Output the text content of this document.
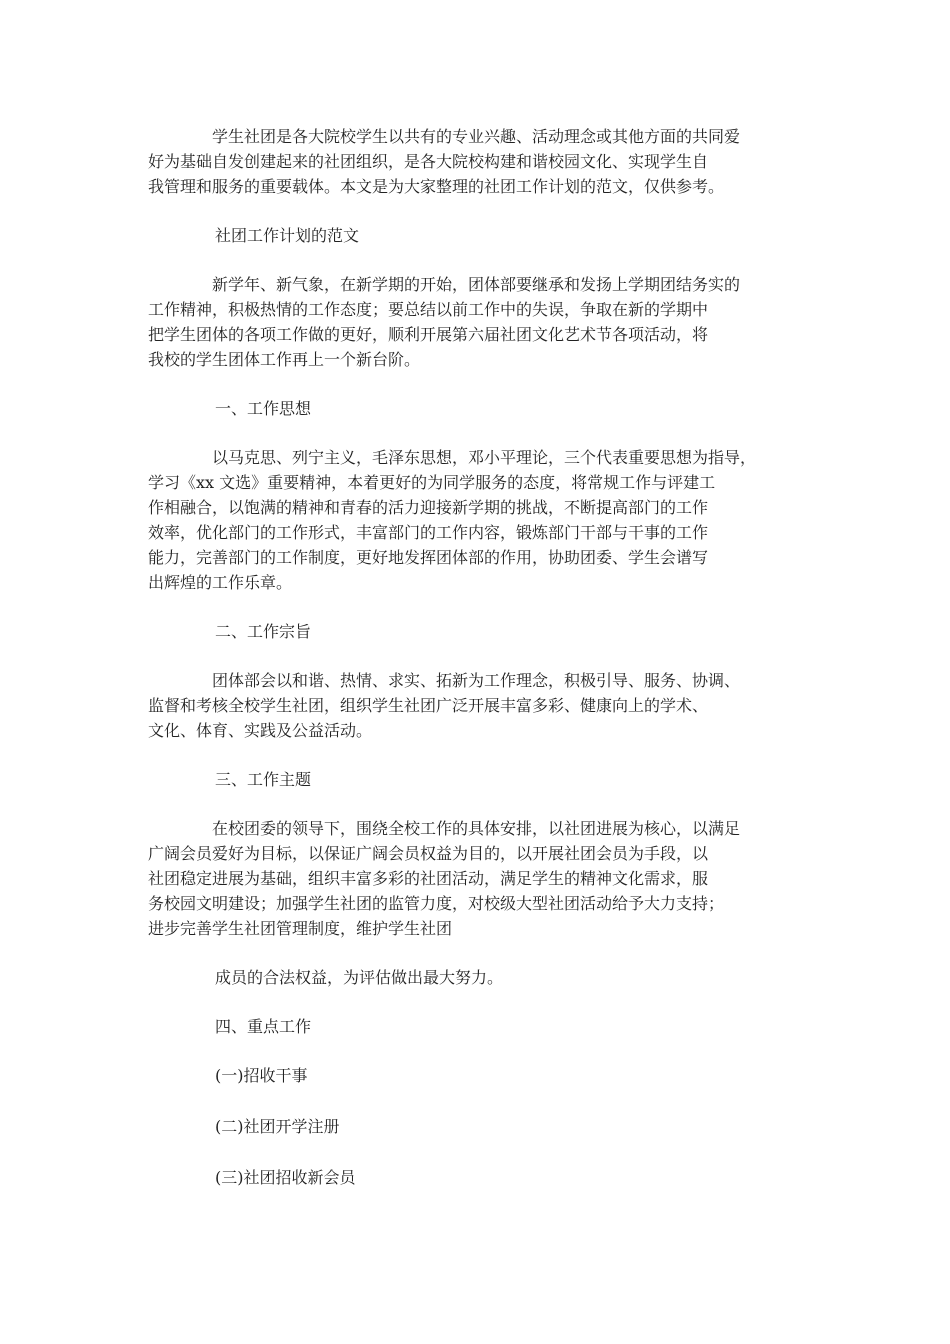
学生社团是各大院校学生以共有的专业兴趣、活动理念或其他方面的共同爱
好为基础自发创建起来的社团组织，是各大院校构建和谐校园文化、实现学生自
我管理和服务的重要载体。本文是为大家整理的社团工作计划的范文，仅供参考。

社团工作计划的范文

新学年、新气象，在新学期的开始，团体部要继承和发扬上学期团结务实的
工作精神，积极热情的工作态度；要总结以前工作中的失误，争取在新的学期中
把学生团体的各项工作做的更好，顺利开展第六届社团文化艺术节各项活动，将
我校的学生团体工作再上一个新台阶。

一、工作思想

以马克思、列宁主义，毛泽东思想，邓小平理论，三个代表重要思想为指导，
学习《xx 文选》重要精神，本着更好的为同学服务的态度，将常规工作与评建工
作相融合，以饱满的精神和青春的活力迎接新学期的挑战，不断提高部门的工作
效率，优化部门的工作形式，丰富部门的工作内容，锻炼部门干部与干事的工作
能力，完善部门的工作制度，更好地发挥团体部的作用，协助团委、学生会谱写
出辉煌的工作乐章。

二、工作宗旨

团体部会以和谐、热情、求实、拓新为工作理念，积极引导、服务、协调、
监督和考核全校学生社团，组织学生社团广泛开展丰富多彩、健康向上的学术、
文化、体育、实践及公益活动。

三、工作主题

在校团委的领导下，围绕全校工作的具体安排，以社团进展为核心，以满足
广阔会员爱好为目标，以保证广阔会员权益为目的，以开展社团会员为手段，以
社团稳定进展为基础，组织丰富多彩的社团活动，满足学生的精神文化需求，服
务校园文明建设；加强学生社团的监管力度，对校级大型社团活动给予大力支持；
进步完善学生社团管理制度，维护学生社团

成员的合法权益，为评估做出最大努力。

四、重点工作

(一)招收干事

(二)社团开学注册

(三)社团招收新会员
